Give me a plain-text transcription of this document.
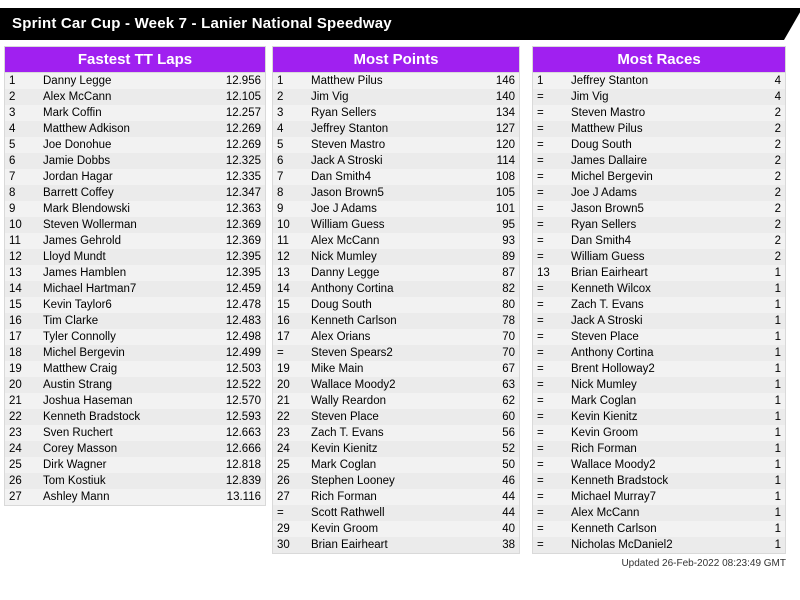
Sprint Car Cup - Week 7 - Lanier National Speedway
Fastest TT Laps
1	Danny Legge	12.956
2	Alex McCann	12.105
3	Mark Coffin	12.257
4	Matthew Adkison	12.269
5	Joe Donohue	12.269
6	Jamie Dobbs	12.325
7	Jordan Hagar	12.335
8	Barrett Coffey	12.347
9	Mark Blendowski	12.363
10	Steven Wollerman	12.369
11	James Gehrold	12.369
12	Lloyd Mundt	12.395
13	James Hamblen	12.395
14	Michael Hartman7	12.459
15	Kevin Taylor6	12.478
16	Tim Clarke	12.483
17	Tyler Connolly	12.498
18	Michel Bergevin	12.499
19	Matthew Craig	12.503
20	Austin Strang	12.522
21	Joshua Haseman	12.570
22	Kenneth Bradstock	12.593
23	Sven Ruchert	12.663
24	Corey Masson	12.666
25	Dirk Wagner	12.818
26	Tom Kostiuk	12.839
27	Ashley Mann	13.116
Most Points
1	Matthew Pilus	146
2	Jim Vig	140
3	Ryan Sellers	134
4	Jeffrey Stanton	127
5	Steven Mastro	120
6	Jack A Stroski	114
7	Dan Smith4	108
8	Jason Brown5	105
9	Joe J Adams	101
10	William Guess	95
11	Alex McCann	93
12	Nick Mumley	89
13	Danny Legge	87
14	Anthony Cortina	82
15	Doug South	80
16	Kenneth Carlson	78
17	Alex Orians	70
=	Steven Spears2	70
19	Mike Main	67
20	Wallace Moody2	63
21	Wally Reardon	62
22	Steven Place	60
23	Zach T. Evans	56
24	Kevin Kienitz	52
25	Mark Coglan	50
26	Stephen Looney	46
27	Rich Forman	44
=	Scott Rathwell	44
29	Kevin Groom	40
30	Brian Eairheart	38
Most Races
1	Jeffrey Stanton	4
=	Jim Vig	4
=	Steven Mastro	2
=	Matthew Pilus	2
=	Doug South	2
=	James Dallaire	2
=	Michel Bergevin	2
=	Joe J Adams	2
=	Jason Brown5	2
=	Ryan Sellers	2
=	Dan Smith4	2
=	William Guess	2
13	Brian Eairheart	1
=	Kenneth Wilcox	1
=	Zach T. Evans	1
=	Jack A Stroski	1
=	Steven Place	1
=	Anthony Cortina	1
=	Brent Holloway2	1
=	Nick Mumley	1
=	Mark Coglan	1
=	Kevin Kienitz	1
=	Kevin Groom	1
=	Rich Forman	1
=	Wallace Moody2	1
=	Kenneth Bradstock	1
=	Michael Murray7	1
=	Alex McCann	1
=	Kenneth Carlson	1
=	Nicholas McDaniel2	1
Updated 26-Feb-2022 08:23:49 GMT
